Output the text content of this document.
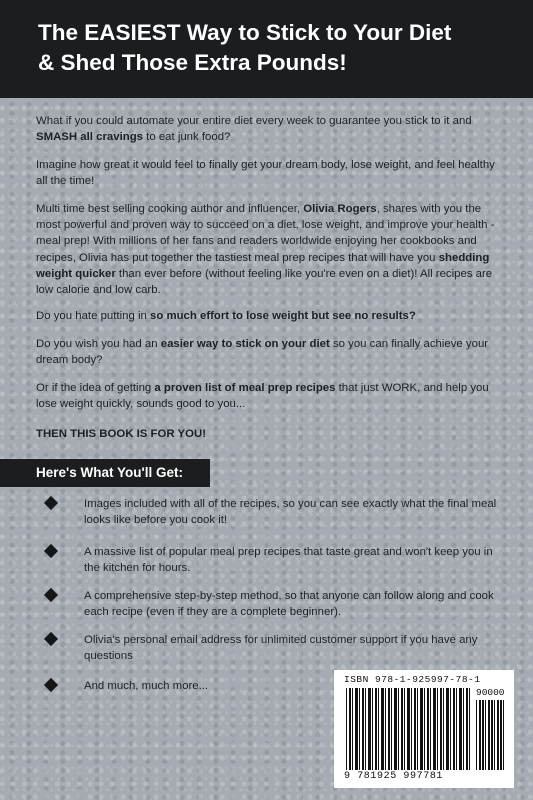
The EASIEST Way to Stick to Your Diet
& Shed Those Extra Pounds!

What if you could automate your entire diet every week to guarantee you stick to it and SMASH all cravings to eat junk food?

Imagine how great it would feel to finally get your dream body, lose weight, and feel healthy all the time!

Multi time best selling cooking author and influencer, Olivia Rogers, shares with you the most powerful and proven way to succeed on a diet, lose weight, and improve your health - meal prep! With millions of her fans and readers worldwide enjoying her cookbooks and recipes, Olivia has put together the tastiest meal prep recipes that will have you shedding weight quicker than ever before (without feeling like you're even on a diet)! All recipes are low calorie and low carb.

Do you hate putting in so much effort to lose weight but see no results?

Do you wish you had an easier way to stick on your diet so you can finally achieve your dream body?

Or if the idea of getting a proven list of meal prep recipes that just WORK, and help you lose weight quickly, sounds good to you...

THEN THIS BOOK IS FOR YOU!

Here's What You'll Get:
Images included with all of the recipes, so you can see exactly what the final meal looks like before you cook it!
A massive list of popular meal prep recipes that taste great and won't keep you in the kitchen for hours.
A comprehensive step-by-step method, so that anyone can follow along and cook each recipe (even if they are a complete beginner).
Olivia's personal email address for unlimited customer support if you have any questions
And much, much more...
ISBN 978-1-925997-78-1
90000
9 781925 997781
